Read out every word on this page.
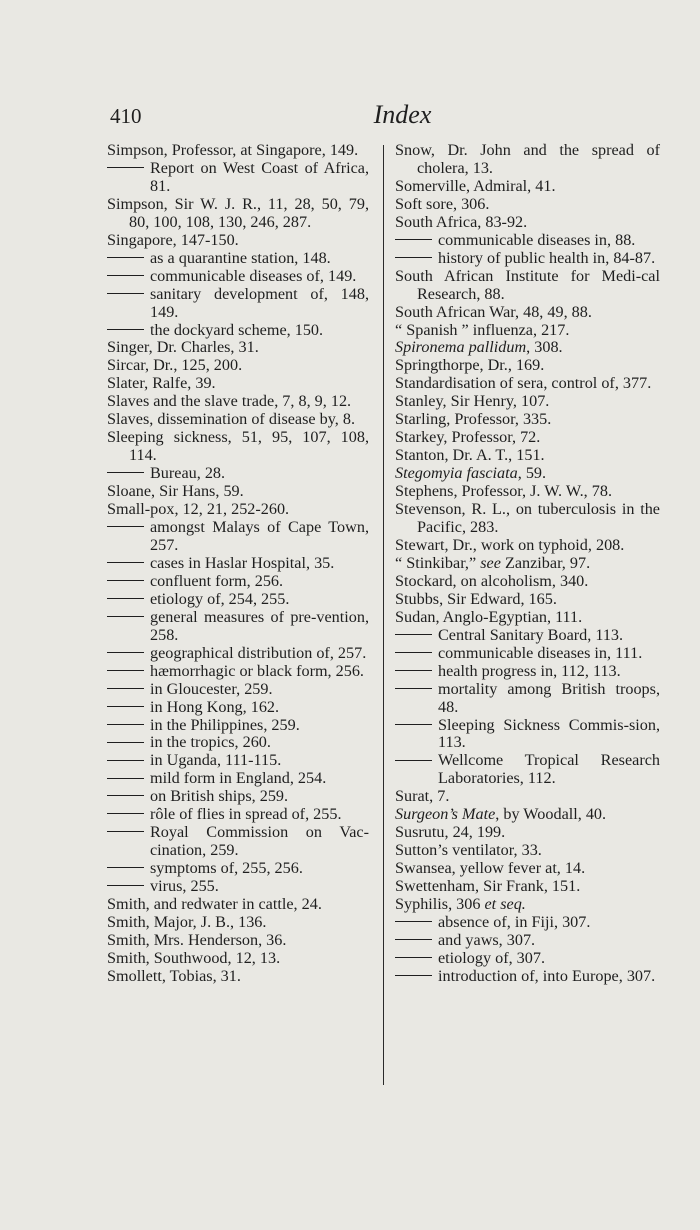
410	Index
Simpson, Professor, at Singapore, 149.
Report on West Coast of Africa, 81.
Simpson, Sir W. J. R., 11, 28, 50, 79, 80, 100, 108, 130, 246, 287.
Singapore, 147-150.
as a quarantine station, 148.
communicable diseases of, 149.
sanitary development of, 148, 149.
the dockyard scheme, 150.
Singer, Dr. Charles, 31.
Sircar, Dr., 125, 200.
Slater, Ralfe, 39.
Slaves and the slave trade, 7, 8, 9, 12.
Slaves, dissemination of disease by, 8.
Sleeping sickness, 51, 95, 107, 108, 114.
Bureau, 28.
Sloane, Sir Hans, 59.
Small-pox, 12, 21, 252-260.
amongst Malays of Cape Town, 257.
cases in Haslar Hospital, 35.
confluent form, 256.
etiology of, 254, 255.
general measures of pre-vention, 258.
geographical distribution of, 257.
hæmorrhagic or black form, 256.
in Gloucester, 259.
in Hong Kong, 162.
in the Philippines, 259.
in the tropics, 260.
in Uganda, 111-115.
mild form in England, 254.
on British ships, 259.
rôle of flies in spread of, 255.
Royal Commission on Vac-cination, 259.
symptoms of, 255, 256.
virus, 255.
Smith, and redwater in cattle, 24.
Smith, Major, J. B., 136.
Smith, Mrs. Henderson, 36.
Smith, Southwood, 12, 13.
Smollett, Tobias, 31.
Snow, Dr. John and the spread of cholera, 13.
Somerville, Admiral, 41.
Soft sore, 306.
South Africa, 83-92.
communicable diseases in, 88.
history of public health in, 84-87.
South African Institute for Medi-cal Research, 88.
South African War, 48, 49, 88.
“ Spanish ” influenza, 217.
Spironema pallidum, 308.
Springthorpe, Dr., 169.
Standardisation of sera, control of, 377.
Stanley, Sir Henry, 107.
Starling, Professor, 335.
Starkey, Professor, 72.
Stanton, Dr. A. T., 151.
Stegomyia fasciata, 59.
Stephens, Professor, J. W. W., 78.
Stevenson, R. L., on tuberculosis in the Pacific, 283.
Stewart, Dr., work on typhoid, 208.
“ Stinkibar,” see Zanzibar, 97.
Stockard, on alcoholism, 340.
Stubbs, Sir Edward, 165.
Sudan, Anglo-Egyptian, 111.
Central Sanitary Board, 113.
communicable diseases in, 111.
health progress in, 112, 113.
mortality among British troops, 48.
Sleeping Sickness Commis-sion, 113.
Wellcome Tropical Research Laboratories, 112.
Surat, 7.
Surgeon’s Mate, by Woodall, 40.
Susrutu, 24, 199.
Sutton’s ventilator, 33.
Swansea, yellow fever at, 14.
Swettenham, Sir Frank, 151.
Syphilis, 306 et seq.
absence of, in Fiji, 307.
and yaws, 307.
etiology of, 307.
introduction of, into Europe, 307.
